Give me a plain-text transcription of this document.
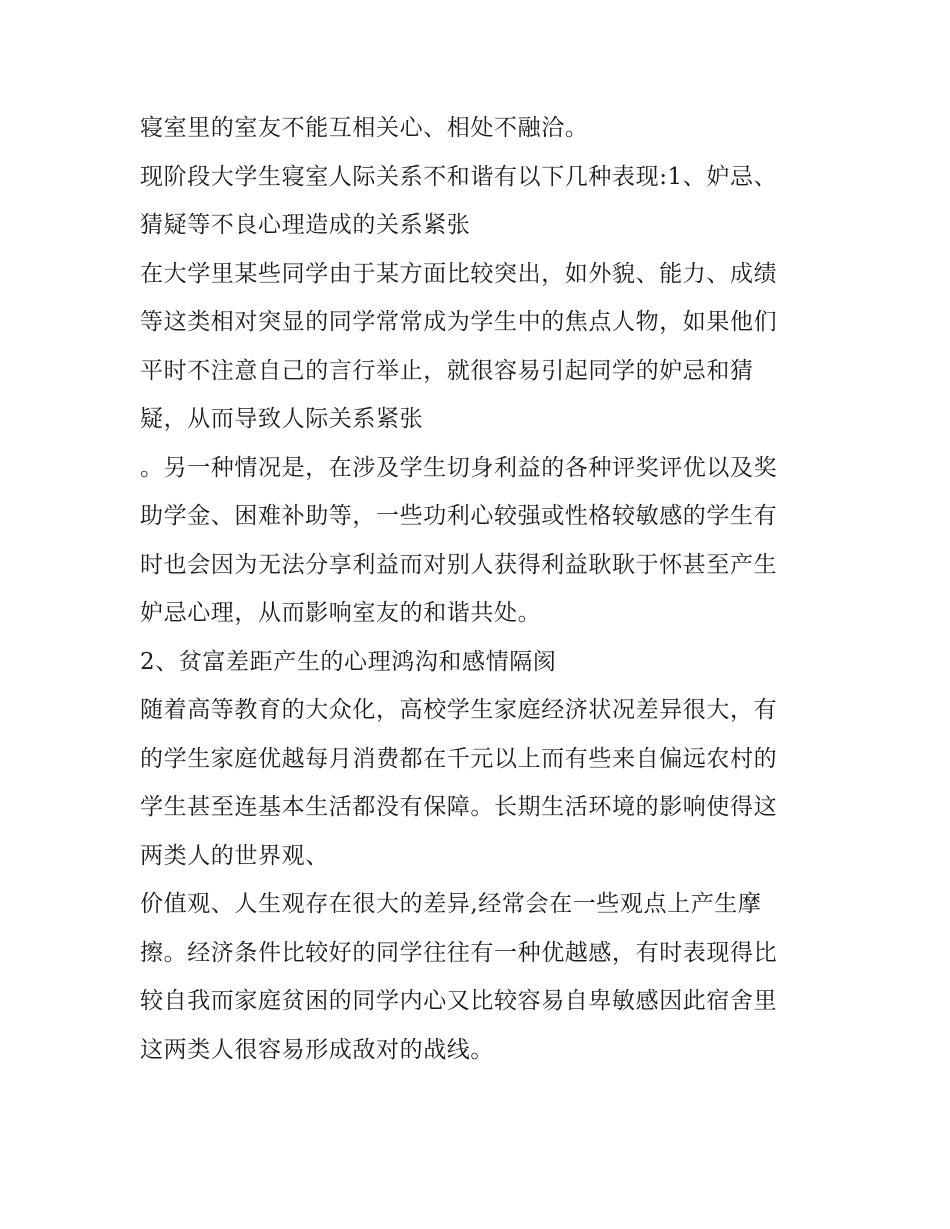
寝室里的室友不能互相关心、相处不融洽。
现阶段大学生寝室人际关系不和谐有以下几种表现:1、妒忌、
猜疑等不良心理造成的关系紧张
在大学里某些同学由于某方面比较突出，如外貌、能力、成绩
等这类相对突显的同学常常成为学生中的焦点人物，如果他们
平时不注意自己的言行举止，就很容易引起同学的妒忌和猜
疑，从而导致人际关系紧张
。另一种情况是，在涉及学生切身利益的各种评奖评优以及奖
助学金、困难补助等，一些功利心较强或性格较敏感的学生有
时也会因为无法分享利益而对别人获得利益耿耿于怀甚至产生
妒忌心理，从而影响室友的和谐共处。
2、贫富差距产生的心理鸿沟和感情隔阂
随着高等教育的大众化，高校学生家庭经济状况差异很大，有
的学生家庭优越每月消费都在千元以上而有些来自偏远农村的
学生甚至连基本生活都没有保障。长期生活环境的影响使得这
两类人的世界观、
价值观、人生观存在很大的差异,经常会在一些观点上产生摩
擦。经济条件比较好的同学往往有一种优越感，有时表现得比
较自我而家庭贫困的同学内心又比较容易自卑敏感因此宿舍里
这两类人很容易形成敌对的战线。
